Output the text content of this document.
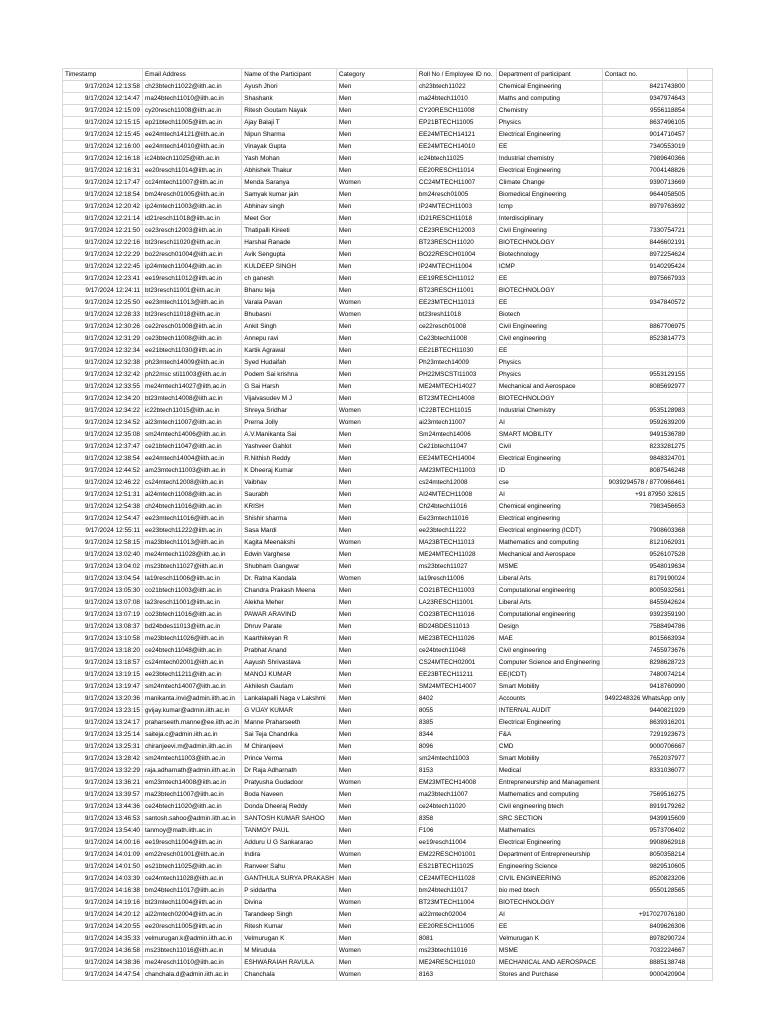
Timestamp	Email Address	Name of the Participant	Category	Roll No / Employee ID no.	Department of participant	Contact no.	
9/17/2024 12:13:58	ch23btech11022@iith.ac.in	Ayush Jhori	Men	ch23btech11022	Chemical Engineering	8421743800	
9/17/2024 12:14:47	ma24btech11010@iith.ac.in	Shashank	Men	ma24btech11010	Maths and computing	9347974643	
9/17/2024 12:15:09	cy20resch11008@iith.ac.in	Ritesh Goutam Nayak	Men	CY20RESCH11008	Chemistry	9556118854	
9/17/2024 12:15:15	ep21btech11005@iith.ac.in	Ajay Balaji T	Men	EP21BTECH11005	Physics	8637496105	
9/17/2024 12:15:45	ee24mtech14121@iith.ac.in	Nipun Sharma	Men	EE24MTECH14121	Electrical Engineering	9014710457	
9/17/2024 12:16:00	ee24mtech14010@iith.ac.in	Vinayak Gupta	Men	EE24MTECH14010	EE	7340553019	
9/17/2024 12:16:18	ic24btech11025@iith.ac.in	Yash Mohan	Men	ic24btech11025	Industrial chemistry	7989640366	
9/17/2024 12:16:31	ee20resch11014@iith.ac.in	Abhishek Thakur	Men	EE20RESCH11014	Electrical Engineering	7004148826	
9/17/2024 12:17:47	cc24mtech11007@iith.ac.in	Menda Saranya	Women	CC24MTECH11007	Climate Change	9390713669	
9/17/2024 12:18:54	bm24resch01005@iith.ac.in	Samyak kumar jain	Men	bm24resch01005	Biomedical Engineering	9644058505	
9/17/2024 12:20:42	ip24mtech11003@iith.ac.in	Abhinav singh	Men	IP24MTECH11003	Icmp	8979763692	
9/17/2024 12:21:14	id21resch11018@iith.ac.in	Meet Gor	Men	ID21RESCH11018	Interdisciplinary		
9/17/2024 12:21:50	ce23resch12003@iith.ac.in	Thatipalli Kireeti	Men	CE23RESCH12003	Civil Engineering	7330754721	
9/17/2024 12:22:16	bt23resch11020@iith.ac.in	Harshal Ranade	Men	BT23RESCH11020	BIOTECHNOLOGY	8446602191	
9/17/2024 12:22:29	bo22resch01004@iith.ac.in	Avik Sengupta	Men	BO22RESCH01004	Biotechnology	8972254624	
9/17/2024 12:22:45	ip24mtech11004@iith.ac.in	KULDEEP SINGH	Men	IP24MTECH11004	ICMP	9140295424	
9/17/2024 12:23:41	ee19resch11012@iith.ac.in	ch ganesh	Men	EE19RESCH11012	EE	8975667933	
9/17/2024 12:24:11	bt23resch11001@iith.ac.in	Bhanu teja	Men	BT23RESCH11001	BIOTECHNOLOGY		
9/17/2024 12:25:50	ee23mtech11013@iith.ac.in	Varala Pavan	Women	EE23MTECH11013	EE	9347840572	
9/17/2024 12:28:33	bt23resch11018@iith.ac.in	Bhubasni	Women	bt23resh11018	Biotech		
9/17/2024 12:30:26	ce22resch01008@iith.ac.in	Ankit Singh	Men	ce22resch01008	Civil Engineering	8867706975	
9/17/2024 12:31:29	ce23btech11008@iith.ac.in	Annepu ravi	Men	Ce23btech11008	Civil engineering	8523814773	
9/17/2024 12:32:34	ee21btech11030@iith.ac.in	Kartik Agrawal	Men	EE21BTECH11030	EE		
9/17/2024 12:32:38	ph23mtech14009@iith.ac.in	Syed Hudaifah	Men	Ph23mtech14009	Physics		
9/17/2024 12:32:42	ph22msc sti11003@iith.ac.in	Podem Sai krishna	Men	PH22MSCSTI11003	Physics	9553129155	
9/17/2024 12:33:55	me24mtech14027@iith.ac.in	G Sai Harsh	Men	ME24MTECH14027	Mechanical and Aerospace	8085692977	
9/17/2024 12:34:20	bt23mtech14008@iith.ac.in	Vijaivasudev M J	Men	BT23MTECH14008	BIOTECHNOLOGY		
9/17/2024 12:34:22	ic22btech11015@iith.ac.in	Shreya Sridhar	Women	IC22BTECH11015	Industrial Chemistry	9535128983	
9/17/2024 12:34:52	ai23mtech11007@iith.ac.in	Prerna Jolly	Women	ai23mtech11007	AI	9592639209	
9/17/2024 12:35:08	sm24mtech14006@iith.ac.in	A.V.Manikanta Sai	Men	Sm24mtech14006	SMART MOBILITY	9491536789	
9/17/2024 12:37:47	ce21btech11047@iith.ac.in	Yashveer Gahlot	Men	Ce21btech11047	Civil	8233281275	
9/17/2024 12:38:54	ee24mtech14004@iith.ac.in	R.Nithish Reddy	Men	EE24MTECH14004	Electrical Engineering	9848324701	
9/17/2024 12:44:52	am23mtech11003@iith.ac.in	K Dheeraj Kumar	Men	AM23MTECH11003	ID	8087546248	
9/17/2024 12:46:22	cs24mtech12008@iith.ac.in	Vaibhav	Men	cs24mtech12008	cse	9039294578 / 8770966461	
9/17/2024 12:51:31	ai24mtech11008@iith.ac.in	Saurabh	Men	AI24MTECH11008	AI	+91 87950 32615	
9/17/2024 12:54:38	ch24btech11016@iith.ac.in	KRISH	Men	Ch24btech11016	Chemical engineering	7983456653	
9/17/2024 12:54:47	ee23mtech11016@iith.ac.in	Shishir sharma	Men	Ee23mtech11016	Electrical engineering		
9/17/2024 12:55:11	ee23btech11222@iith.ac.in	Sasa Mardi	Men	ee23btech11222	Electrical engineering (ICDT)	7908603368	
9/17/2024 12:58:15	ma23btech11013@iith.ac.in	Kagita Meenakshi	Women	MA23BTECH11013	Mathematics and computing	8121062931	
9/17/2024 13:02:40	me24mtech11028@iith.ac.in	Edwin Varghese	Men	ME24MTECH11028	Mechanical and Aerospace	9526107528	
9/17/2024 13:04:02	ms23btech11027@iith.ac.in	Shubham Gangwar	Men	ms23btech11027	MSME	9548019634	
9/17/2024 13:04:54	la19resch11006@iith.ac.in	Dr. Ratna Kandala	Women	la19resch11006	Liberal Arts	8179190024	
9/17/2024 13:05:30	co21btech11003@iith.ac.in	Chandra Prakash Meena	Men	CO21BTECH11003	Computational engineering	8005932561	
9/17/2024 13:07:08	la23resch11001@iith.ac.in	Alekha Meher	Men	LA23RESCH11001	Liberal Arts	8455942624	
9/17/2024 13:07:19	co23btech11016@iith.ac.in	PAWAR ARAVIND	Men	CO23BTECH11016	Computational engineering	9392359190	
9/17/2024 13:08:37	bd24bdes11013@iith.ac.in	Dhruv Parate	Men	BD24BDES11013	Design	7588494786	
9/17/2024 13:10:58	me23btech11026@iith.ac.in	Kaarthikeyan R	Men	ME23BTECH11026	MAE	8015663934	
9/17/2024 13:18:20	ce24btech11048@iith.ac.in	Prabhat Anand	Men	ce24btech11048	Civil engineering	7455973676	
9/17/2024 13:18:57	cs24mtech02001@iith.ac.in	Aayush Shrivastava	Men	CS24MTECH02001	Computer Science and Engineering	8298628723	
9/17/2024 13:19:15	ee23btech11211@iith.ac.in	MANOJ KUMAR	Men	EE23BTECH11211	EE(ICDT)	7480074214	
9/17/2024 13:19:47	sm24mtech14007@iith.ac.in	Akhilesh Gautam	Men	SM24MTECH14007	Smart Mobility	9418760990	
9/17/2024 13:20:36	manikanta.invi@admin.iith.ac.in	Lankalapalli Naga v Lakshmi	Men	8402	Accounts	9492248326 WhatsApp only	
9/17/2024 13:23:15	gvijay.kumar@admin.iith.ac.in	G VIJAY KUMAR	Men	8055	INTERNAL AUDIT	9440821929	
9/17/2024 13:24:17	praharseeth.manne@ee.iith.ac.in	Manne Praharseeth	Men	8385	Electrical Engineering	8639316201	
9/17/2024 13:25:14	saiteja.c@admin.iith.ac.in	Sai Teja Chandrika	Men	8344	F&A	7291923673	
9/17/2024 13:25:31	chiranjeevi.m@admin.iith.ac.in	M Chiranjeevi	Men	8096	CMD	9000706667	
9/17/2024 13:28:42	sm24mtech11003@iith.ac.in	Prince Verma	Men	sm24mtech11003	Smart Mobility	7652037977	
9/17/2024 13:32:29	raja.adharnath@admin.iith.ac.in	Dr Raja Adharnath	Men	8153	Medical	8331036077	
9/17/2024 13:36:21	em23mtech14008@iith.ac.in	Pratyusha Gudadoor	Women	EM23MTECH14008	Entrepreneurship and Management		
9/17/2024 13:39:57	ma23btech11007@iith.ac.in	Boda Naveen	Men	ma23btech11007	Mathematics and computing	7569516275	
9/17/2024 13:44:36	ce24btech11020@iith.ac.in	Donda Dheeraj Reddy	Men	ce24btech11020	Civil engineering btech	8919179262	
9/17/2024 13:46:53	santosh.sahoo@admin.iith.ac.in	SANTOSH KUMAR SAHOO	Men	8358	SRC SECTION	9439915609	
9/17/2024 13:54:40	tanmoy@math.iith.ac.in	TANMOY PAUL	Men	F106	Mathematics	9573706402	
9/17/2024 14:00:16	ee19resch11004@iith.ac.in	Adduru U G Sankararao	Men	ee19resch11004	Electrical Engineering	9908962918	
9/17/2024 14:01:09	em22resch01001@iith.ac.in	Indira	Women	EM22RESCH01001	Department of Entrepreneurship	8050358214	
9/17/2024 14:01:50	es21btech11025@iith.ac.in	Ranveer Sahu	Men	ES21BTECH11025	Engineering Science	9829510605	
9/17/2024 14:03:39	ce24mtech11028@iith.ac.in	GANTHULA SURYA PRAKASH	Men	CE24MTECH11028	CIVIL ENGINEERING	8520823206	
9/17/2024 14:16:38	bm24btech11017@iith.ac.in	P siddartha	Men	bm24btech11017	bio med btech	9550128565	
9/17/2024 14:19:16	bt23mtech11004@iith.ac.in	Divina	Women	BT23MTECH11004	BIOTECHNOLOGY		
9/17/2024 14:20:12	ai22mtech02004@iith.ac.in	Tarandeep Singh	Men	ai22mtech02004	AI	+917027076180	
9/17/2024 14:20:55	ee20resch11005@iith.ac.in	Ritesh Kumar	Men	EE20RESCH11005	EE	8409626306	
9/17/2024 14:35:33	velmurugan.k@admin.iith.ac.in	Velmurugan K	Men	8081	Velmurugan K	8978290724	
9/17/2024 14:36:58	ms23btech11016@iith.ac.in	M Mirudula	Women	ms23btech11016	MSME	7032224667	
9/17/2024 14:38:36	me24resch11010@iith.ac.in	ESHWARAIAH RAVULA	Men	ME24RESCH11010	MECHANICAL AND AEROSPACE	8885138748	
9/17/2024 14:47:54	chanchala.d@admin.iith.ac.in	Chanchala	Women	8163	Stores and Purchase	9000420904	
